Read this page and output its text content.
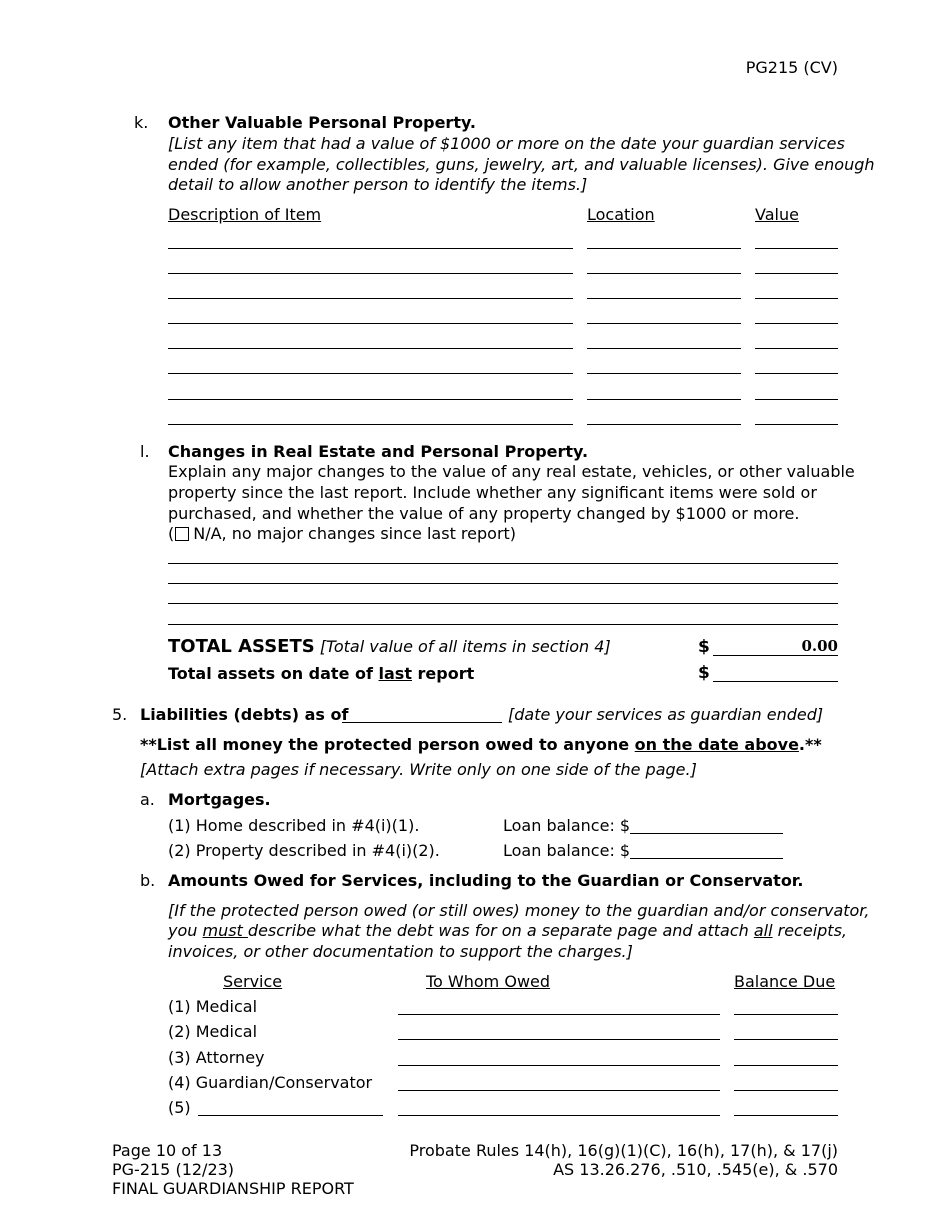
PG215 (CV)
k. Other Valuable Personal Property.
[List any item that had a value of $1000 or more on the date your guardian services
ended (for example, collectibles, guns, jewelry, art, and valuable licenses). Give enough
detail to allow another person to identify the items.]
Description of Item	Location	Value
l. Changes in Real Estate and Personal Property.
Explain any major changes to the value of any real estate, vehicles, or other valuable
property since the last report. Include whether any significant items were sold or
purchased, and whether the value of any property changed by $1000 or more.
( N/A, no major changes since last report)
TOTAL ASSETS [Total value of all items in section 4]	$	0.00
Total assets on date of last report	$
5. Liabilities (debts) as of	[date your services as guardian ended]
**List all money the protected person owed to anyone on the date above.**
[Attach extra pages if necessary. Write only on one side of the page.]
a. Mortgages.
(1) Home described in #4(i)(1).	Loan balance: $
(2) Property described in #4(i)(2).	Loan balance: $
b. Amounts Owed for Services, including to the Guardian or Conservator.
[If the protected person owed (or still owes) money to the guardian and/or conservator,
you must describe what the debt was for on a separate page and attach all receipts,
invoices, or other documentation to support the charges.]
Service	To Whom Owed	Balance Due
(1) Medical
(2) Medical
(3) Attorney
(4) Guardian/Conservator
(5)
Page 10 of 13
PG-215 (12/23)
FINAL GUARDIANSHIP REPORT
Probate Rules 14(h), 16(g)(1)(C), 16(h), 17(h), & 17(j)
AS 13.26.276, .510, .545(e), & .570
